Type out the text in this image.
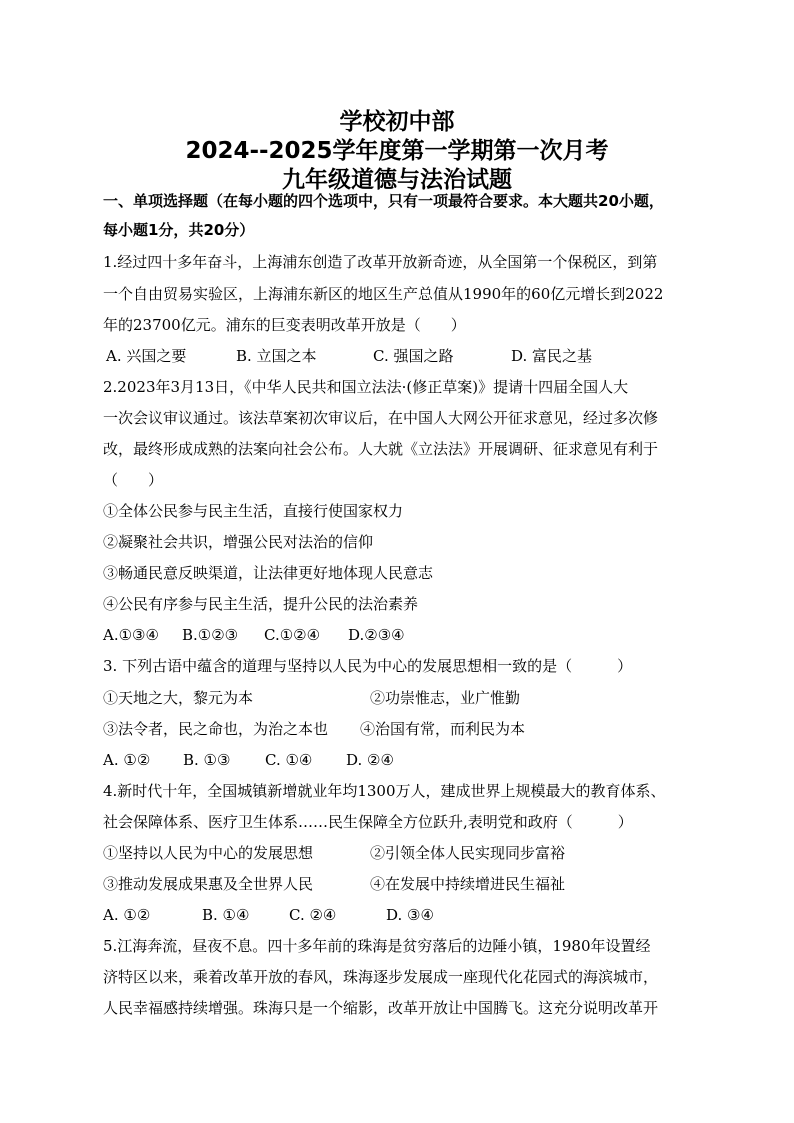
学校初中部
2024--2025学年度第一学期第一次月考
九年级道德与法治试题
一、单项选择题（在每小题的四个选项中，只有一项最符合要求。本大题共20小题，
每小题1分，共20分）
1.经过四十多年奋斗，上海浦东创造了改革开放新奇迹，从全国第一个保税区，到第
一个自由贸易实验区，上海浦东新区的地区生产总值从1990年的60亿元增长到2022
年的23700亿元。浦东的巨变表明改革开放是（　　）
A. 兴国之要	B. 立国之本	C. 强国之路	D. 富民之基
2.2023年3月13日，《中华人民共和国立法法·(修正草案)》提请十四届全国人大
一次会议审议通过。该法草案初次审议后，在中国人大网公开征求意见，经过多次修
改，最终形成成熟的法案向社会公布。人大就《立法法》开展调研、征求意见有利于
（　　）
①全体公民参与民主生活，直接行使国家权力
②凝聚社会共识，增强公民对法治的信仰
③畅通民意反映渠道，让法律更好地体现人民意志
④公民有序参与民主生活，提升公民的法治素养
A.①③④ B.①②③ C.①②④ D.②③④
3. 下列古语中蕴含的道理与坚持以人民为中心的发展思想相一致的是（　　　）
①天地之大，黎元为本	②功崇惟志，业广惟勤
③法令者，民之命也，为治之本也 ④治国有常，而利民为本
A. ①② B. ①③ C. ①④ D. ②④
4.新时代十年，全国城镇新增就业年均1300万人，建成世界上规模最大的教育体系、
社会保障体系、医疗卫生体系……民生保障全方位跃升,表明党和政府（　　　）
①坚持以人民为中心的发展思想	②引领全体人民实现同步富裕
③推动发展成果惠及全世界人民	④在发展中持续增进民生福祉
A. ①②	B. ①④	C. ②④	D. ③④
5.江海奔流，昼夜不息。四十多年前的珠海是贫穷落后的边陲小镇，1980年设置经
济特区以来，乘着改革开放的春风，珠海逐步发展成一座现代化花园式的海滨城市，
人民幸福感持续增强。珠海只是一个缩影，改革开放让中国腾飞。这充分说明改革开
